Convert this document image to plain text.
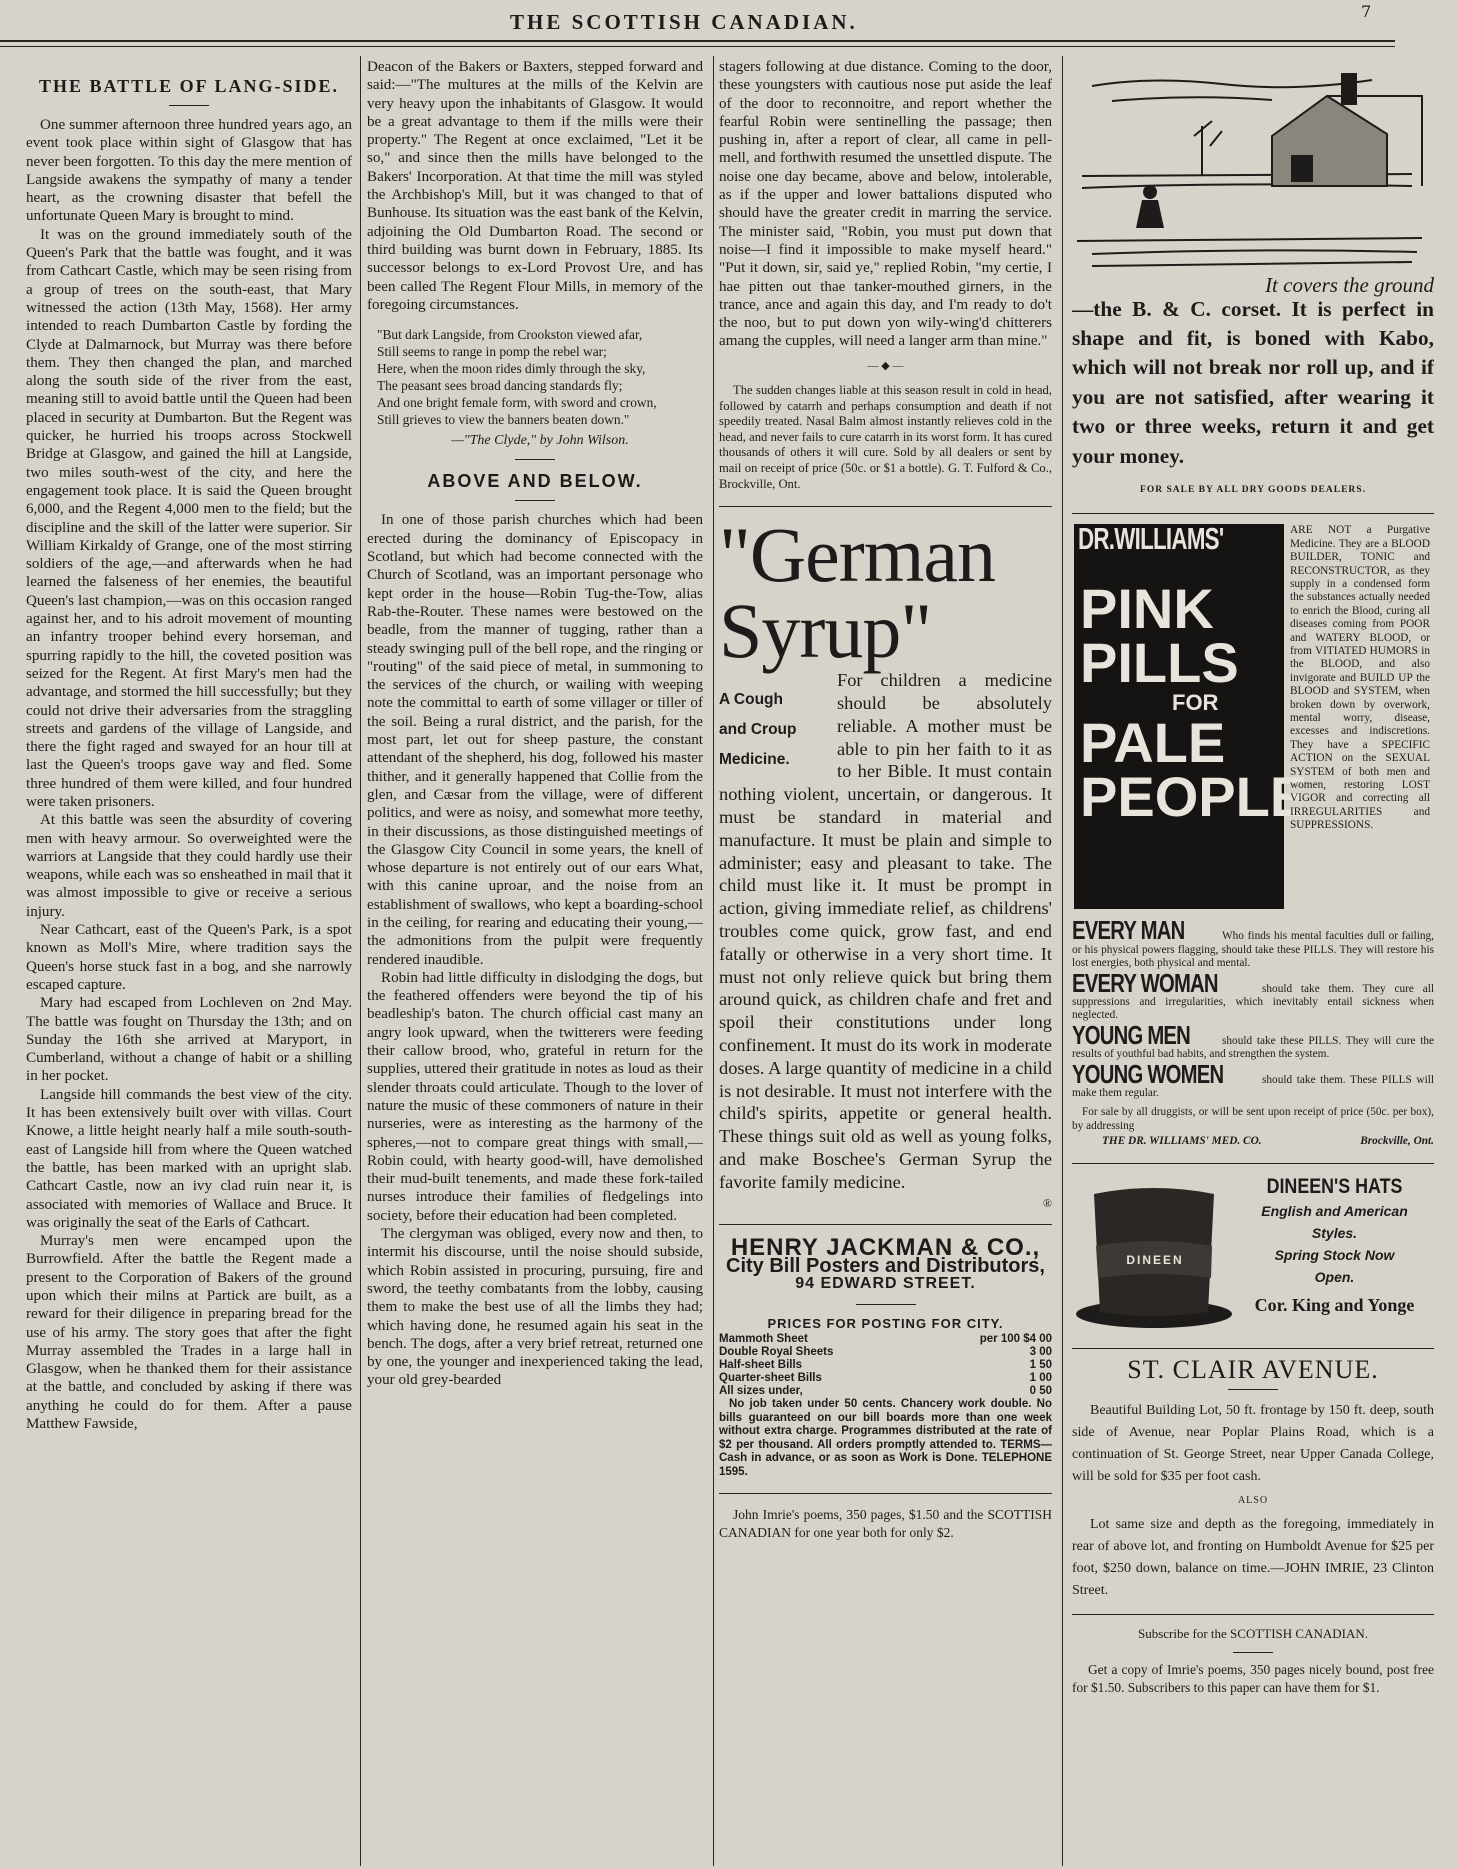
THE SCOTTISH CANADIAN.	7
THE BATTLE OF LANG-SIDE.

One summer afternoon three hundred years ago, an event took place within sight of Glasgow that has never been forgotten. To this day the mere mention of Langside awakens the sympathy of many a tender heart, as the crowning disaster that befell the unfortunate Queen Mary is brought to mind.

It was on the ground immediately south of the Queen's Park that the battle was fought, and it was from Cathcart Castle, which may be seen rising from a group of trees on the south-east, that Mary witnessed the action (13th May, 1568). Her army intended to reach Dumbarton Castle by fording the Clyde at Dalmarnock, but Murray was there before them. They then changed the plan, and marched along the south side of the river from the east, meaning still to avoid battle until the Queen had been placed in security at Dumbarton. But the Regent was quicker, he hurried his troops across Stockwell Bridge at Glasgow, and gained the hill at Langside, two miles south-west of the city, and here the engagement took place. It is said the Queen brought 6,000, and the Regent 4,000 men to the field; but the discipline and the skill of the latter were superior. Sir William Kirkaldy of Grange, one of the most stirring soldiers of the age,—and afterwards when he had learned the falseness of her enemies, the beautiful Queen's last champion,—was on this occasion ranged against her, and to his adroit movement of mounting an infantry trooper behind every horseman, and spurring rapidly to the hill, the coveted position was seized for the Regent. At first Mary's men had the advantage, and stormed the hill successfully; but they could not drive their adversaries from the straggling streets and gardens of the village of Langside, and there the fight raged and swayed for an hour till at last the Queen's troops gave way and fled. Some three hundred of them were killed, and four hundred were taken prisoners.

At this battle was seen the absurdity of covering men with heavy armour. So overweighted were the warriors at Langside that they could hardly use their weapons, while each was so ensheathed in mail that it was almost impossible to give or receive a serious injury.

Near Cathcart, east of the Queen's Park, is a spot known as Moll's Mire, where tradition says the Queen's horse stuck fast in a bog, and she narrowly escaped capture.

Mary had escaped from Lochleven on 2nd May. The battle was fought on Thursday the 13th; and on Sunday the 16th she arrived at Maryport, in Cumberland, without a change of habit or a shilling in her pocket.

Langside hill commands the best view of the city. It has been extensively built over with villas. Court Knowe, a little height nearly half a mile south-south-east of Langside hill from where the Queen watched the battle, has been marked with an upright slab. Cathcart Castle, now an ivy clad ruin near it, is associated with memories of Wallace and Bruce. It was originally the seat of the Earls of Cathcart.

Murray's men were encamped upon the Burrowfield. After the battle the Regent made a present to the Corporation of Bakers of the ground upon which their milns at Partick are built, as a reward for their diligence in preparing bread for the use of his army. The story goes that after the fight Murray assembled the Trades in a large hall in Glasgow, when he thanked them for their assistance at the battle, and concluded by asking if there was anything he could do for them. After a pause Matthew Fawside,

Deacon of the Bakers or Baxters, stepped forward and said:—"The multures at the mills of the Kelvin are very heavy upon the inhabitants of Glasgow. It would be a great advantage to them if the mills were their property." The Regent at once exclaimed, "Let it be so," and since then the mills have belonged to the Bakers' Incorporation. At that time the mill was styled the Archbishop's Mill, but it was changed to that of Bunhouse. Its situation was the east bank of the Kelvin, adjoining the Old Dumbarton Road. The second or third building was burnt down in February, 1885. Its successor belongs to ex-Lord Provost Ure, and has been called The Regent Flour Mills, in memory of the foregoing circumstances.

"But dark Langside, from Crookston viewed afar,

Still seems to range in pomp the rebel war;

Here, when the moon rides dimly through the sky,

The peasant sees broad dancing standards fly;

And one bright female form, with sword and crown,

Still grieves to view the banners beaten down."

—"The Clyde," by John Wilson.
ABOVE AND BELOW.

In one of those parish churches which had been erected during the dominancy of Episcopacy in Scotland, but which had become connected with the Church of Scotland, was an important personage who kept order in the house—Robin Tug-the-Tow, alias Rab-the-Router. These names were bestowed on the beadle, from the manner of tugging, rather than a steady swinging pull of the bell rope, and the ringing or "routing" of the said piece of metal, in summoning to the services of the church, or wailing with weeping note the committal to earth of some villager or tiller of the soil. Being a rural district, and the parish, for the most part, let out for sheep pasture, the constant attendant of the shepherd, his dog, followed his master thither, and it generally happened that Collie from the glen, and Cæsar from the village, were of different politics, and were as noisy, and somewhat more teethy, in their discussions, as those distinguished meetings of the Glasgow City Council in some years, the knell of whose departure is not entirely out of our ears What, with this canine uproar, and the noise from an establishment of swallows, who kept a boarding-school in the ceiling, for rearing and educating their young,—the admonitions from the pulpit were frequently rendered inaudible.

Robin had little difficulty in dislodging the dogs, but the feathered offenders were beyond the tip of his beadleship's baton. The church official cast many an angry look upward, when the twitterers were feeding their callow brood, who, grateful in return for the supplies, uttered their gratitude in notes as loud as their slender throats could articulate. Though to the lover of nature the music of these commoners of nature in their nurseries, were as interesting as the harmony of the spheres,—not to compare great things with small,—Robin could, with hearty good-will, have demolished their mud-built tenements, and made these fork-tailed nurses introduce their families of fledgelings into society, before their education had been completed.

The clergyman was obliged, every now and then, to intermit his discourse, until the noise should subside, which Robin assisted in procuring, pursuing, fire and sword, the teethy combatants from the lobby, causing them to make the best use of all the limbs they had; which having done, he resumed again his seat in the bench. The dogs, after a very brief retreat, returned one by one, the younger and inexperienced taking the lead, your old grey-bearded

stagers following at due distance. Coming to the door, these youngsters with cautious nose put aside the leaf of the door to reconnoitre, and report whether the fearful Robin were sentinelling the passage; then pushing in, after a report of clear, all came in pell-mell, and forthwith resumed the unsettled dispute. The noise one day became, above and below, intolerable, as if the upper and lower battalions disputed who should have the greater credit in marring the service. The minister said, "Robin, you must put down that noise—I find it impossible to make myself heard." "Put it down, sir, said ye," replied Robin, "my certie, I hae pitten out thae tanker-mouthed girners, in the trance, ance and again this day, and I'm ready to do't the noo, but to put down yon wily-wing'd chitterers amang the cupples, will need a langer arm than mine."

— ◆ —

The sudden changes liable at this season result in cold in head, followed by catarrh and perhaps consumption and death if not speedily treated. Nasal Balm almost instantly relieves cold in the head, and never fails to cure catarrh in its worst form. It has cured thousands of others it will cure. Sold by all dealers or sent by mail on receipt of price (50c. or $1 a bottle). G. T. Fulford & Co., Brockville, Ont.

"German Syrup"
A Cough
and Croup
Medicine.
For children a medicine should be absolutely reliable. A mother must be able to pin her faith to it as to her Bible. It must contain nothing violent, uncertain, or dangerous. It must be standard in material and manufacture. It must be plain and simple to administer; easy and pleasant to take. The child must like it. It must be prompt in action, giving immediate relief, as childrens' troubles come quick, grow fast, and end fatally or otherwise in a very short time. It must not only relieve quick but bring them around quick, as children chafe and fret and spoil their constitutions under long confinement. It must do its work in moderate doses. A large quantity of medicine in a child is not desirable. It must not interfere with the child's spirits, appetite or general health. These things suit old as well as young folks, and make Boschee's German Syrup the favorite family medicine.
®
HENRY JACKMAN & CO.,
City Bill Posters and Distributors,
94 EDWARD STREET.
PRICES FOR POSTING FOR CITY.
Mammoth Sheet	per 100 $4 00
Double Royal Sheets	3 00
Half-sheet Bills	1 50
Quarter-sheet Bills	1 00
All sizes under,	0 50
No job taken under 50 cents. Chancery work double. No bills guaranteed on our bill boards more than one week without extra charge. Programmes distributed at the rate of $2 per thousand. All orders promptly attended to. TERMS—Cash in advance, or as soon as Work is Done. TELEPHONE 1595.

John Imrie's poems, 350 pages, $1.50 and the SCOTTISH CANADIAN for one year both for only $2.

It covers the ground
—the B. & C. corset. It is perfect in shape and fit, is boned with Kabo, which will not break nor roll up, and if you are not satisfied, after wearing it two or three weeks, return it and get your money.
FOR SALE BY ALL DRY GOODS DEALERS.
DR.WILLIAMS'
PINK
PILLS
FOR
PALE
PEOPLE
ARE NOT a Purgative Medicine. They are a BLOOD BUILDER, TONIC and RECONSTRUCTOR, as they supply in a condensed form the substances actually needed to enrich the Blood, curing all diseases coming from POOR and WATERY BLOOD, or from VITIATED HUMORS in the BLOOD, and also invigorate and BUILD UP the BLOOD and SYSTEM, when broken down by overwork, mental worry, disease, excesses and indiscretions. They have a SPECIFIC ACTION on the SEXUAL SYSTEM of both men and women, restoring LOST VIGOR and correcting all IRREGULARITIES and SUPPRESSIONS.
EVERY MAN	Who finds his mental faculties dull or failing, or his physical powers flagging, should take these PILLS. They will restore his lost energies, both physical and mental.
EVERY WOMAN	should take them. They cure all suppressions and irregularities, which inevitably entail sickness when neglected.
YOUNG MEN	should take these PILLS. They will cure the results of youthful bad habits, and strengthen the system.
YOUNG WOMEN	should take them. These PILLS will make them regular.
For sale by all druggists, or will be sent upon receipt of price (50c. per box), by addressing
THE DR. WILLIAMS' MED. CO.	Brockville, Ont.
DINEEN
DINEEN'S HATS
English and American
Styles.
Spring Stock Now
Open.
Cor. King and Yonge
ST. CLAIR AVENUE.
Beautiful Building Lot, 50 ft. frontage by 150 ft. deep, south side of Avenue, near Poplar Plains Road, which is a continuation of St. George Street, near Upper Canada College, will be sold for $35 per foot cash.
ALSO
Lot same size and depth as the foregoing, immediately in rear of above lot, and fronting on Humboldt Avenue for $25 per foot, $250 down, balance on time.—JOHN IMRIE, 23 Clinton Street.
Subscribe for the SCOTTISH CANADIAN.
Get a copy of Imrie's poems, 350 pages nicely bound, post free for $1.50. Subscribers to this paper can have them for $1.
